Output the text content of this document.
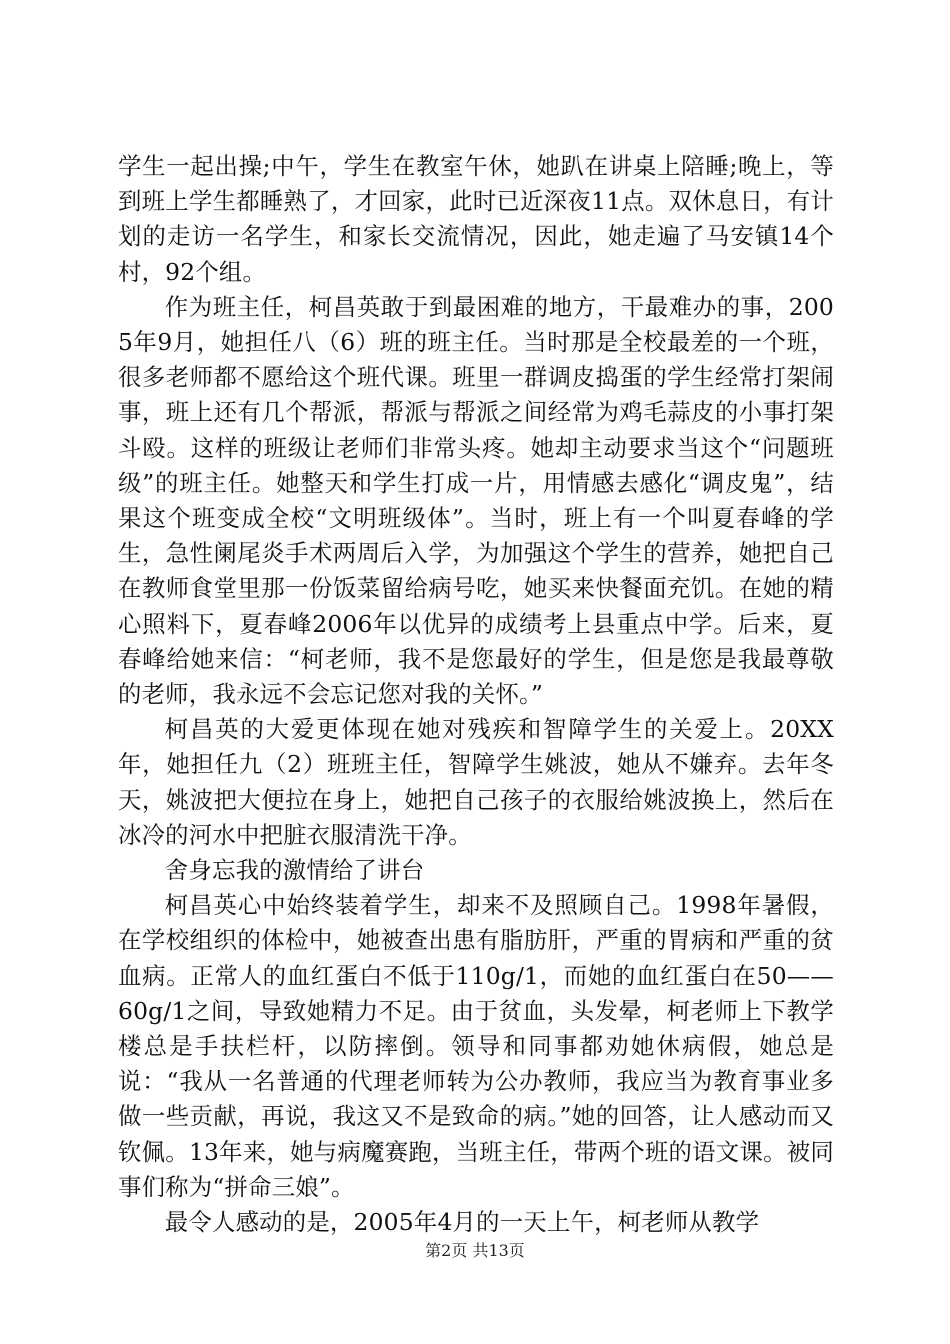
学生一起出操;中午，学生在教室午休，她趴在讲桌上陪睡;晚上，等到班上学生都睡熟了，才回家，此时已近深夜11点。双休息日，有计划的走访一名学生，和家长交流情况，因此，她走遍了马安镇14个村，92个组。

作为班主任，柯昌英敢于到最困难的地方，干最难办的事，2005年9月，她担任八（6）班的班主任。当时那是全校最差的一个班，很多老师都不愿给这个班代课。班里一群调皮捣蛋的学生经常打架闹事，班上还有几个帮派，帮派与帮派之间经常为鸡毛蒜皮的小事打架斗殴。这样的班级让老师们非常头疼。她却主动要求当这个“问题班级”的班主任。她整天和学生打成一片，用情感去感化“调皮鬼”，结果这个班变成全校“文明班级体”。当时，班上有一个叫夏春峰的学生，急性阑尾炎手术两周后入学，为加强这个学生的营养，她把自己在教师食堂里那一份饭菜留给病号吃，她买来快餐面充饥。在她的精心照料下，夏春峰2006年以优异的成绩考上县重点中学。后来，夏春峰给她来信：“柯老师，我不是您最好的学生，但是您是我最尊敬的老师，我永远不会忘记您对我的关怀。”

柯昌英的大爱更体现在她对残疾和智障学生的关爱上。20XX年，她担任九（2）班班主任，智障学生姚波，她从不嫌弃。去年冬天，姚波把大便拉在身上，她把自己孩子的衣服给姚波换上，然后在冰冷的河水中把脏衣服清洗干净。

舍身忘我的激情给了讲台

柯昌英心中始终装着学生，却来不及照顾自己。1998年暑假，在学校组织的体检中，她被查出患有脂肪肝，严重的胃病和严重的贫血病。正常人的血红蛋白不低于110g/1，而她的血红蛋白在50——60g/1之间，导致她精力不足。由于贫血，头发晕，柯老师上下教学楼总是手扶栏杆，以防摔倒。领导和同事都劝她休病假，她总是说：“我从一名普通的代理老师转为公办教师，我应当为教育事业多做一些贡献，再说，我这又不是致命的病。”她的回答，让人感动而又钦佩。13年来，她与病魔赛跑，当班主任，带两个班的语文课。被同事们称为“拼命三娘”。

最令人感动的是，2005年4月的一天上午，柯老师从教学

第2页 共13页
